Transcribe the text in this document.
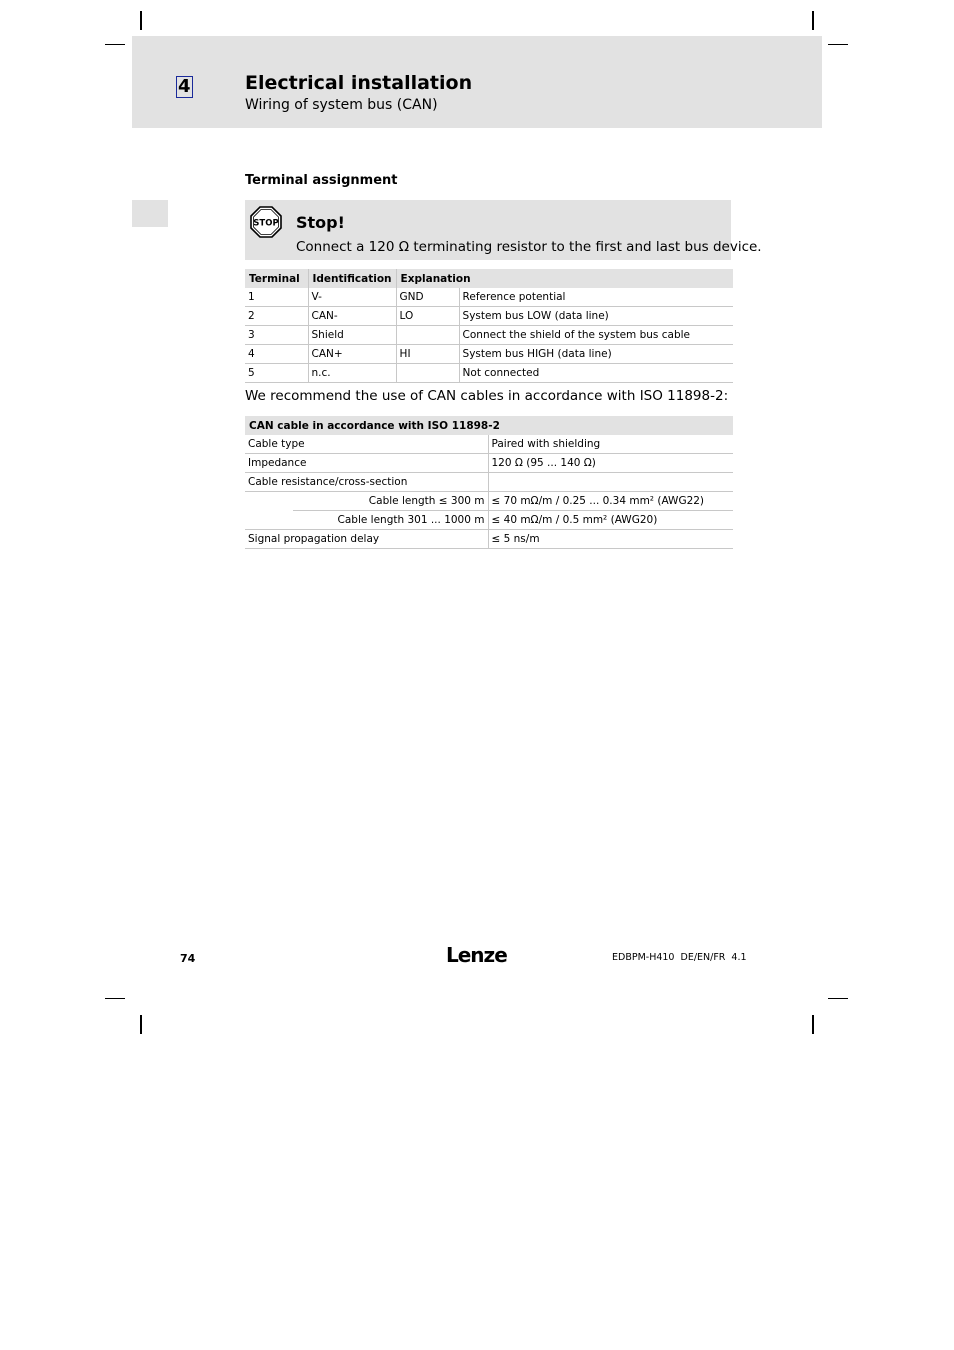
4	Electrical installation
Wiring of system bus (CAN)
Terminal assignment
STOP Stop!
Connect a 120 Ω terminating resistor to the first and last bus device.
Terminal	Identification	Explanation	
1	V-	GND	Reference potential
2	CAN-	LO	System bus LOW (data line)
3	Shield		Connect the shield of the system bus cable
4	CAN+	HI	System bus HIGH (data line)
5	n.c.		Not connected
We recommend the use of CAN cables in accordance with ISO 11898-2:
CAN cable in accordance with ISO 11898-2		
Cable type		Paired with shielding
Impedance		120 Ω (95 ... 140 Ω)
Cable resistance/cross-section		
	Cable length ≤ 300 m	≤ 70 mΩ/m / 0.25 ... 0.34 mm² (AWG22)
	Cable length 301 ... 1000 m	≤ 40 mΩ/m / 0.5 mm² (AWG20)
Signal propagation delay		≤ 5 ns/m
74	Lenze	EDBPM-H410  DE/EN/FR  4.1
